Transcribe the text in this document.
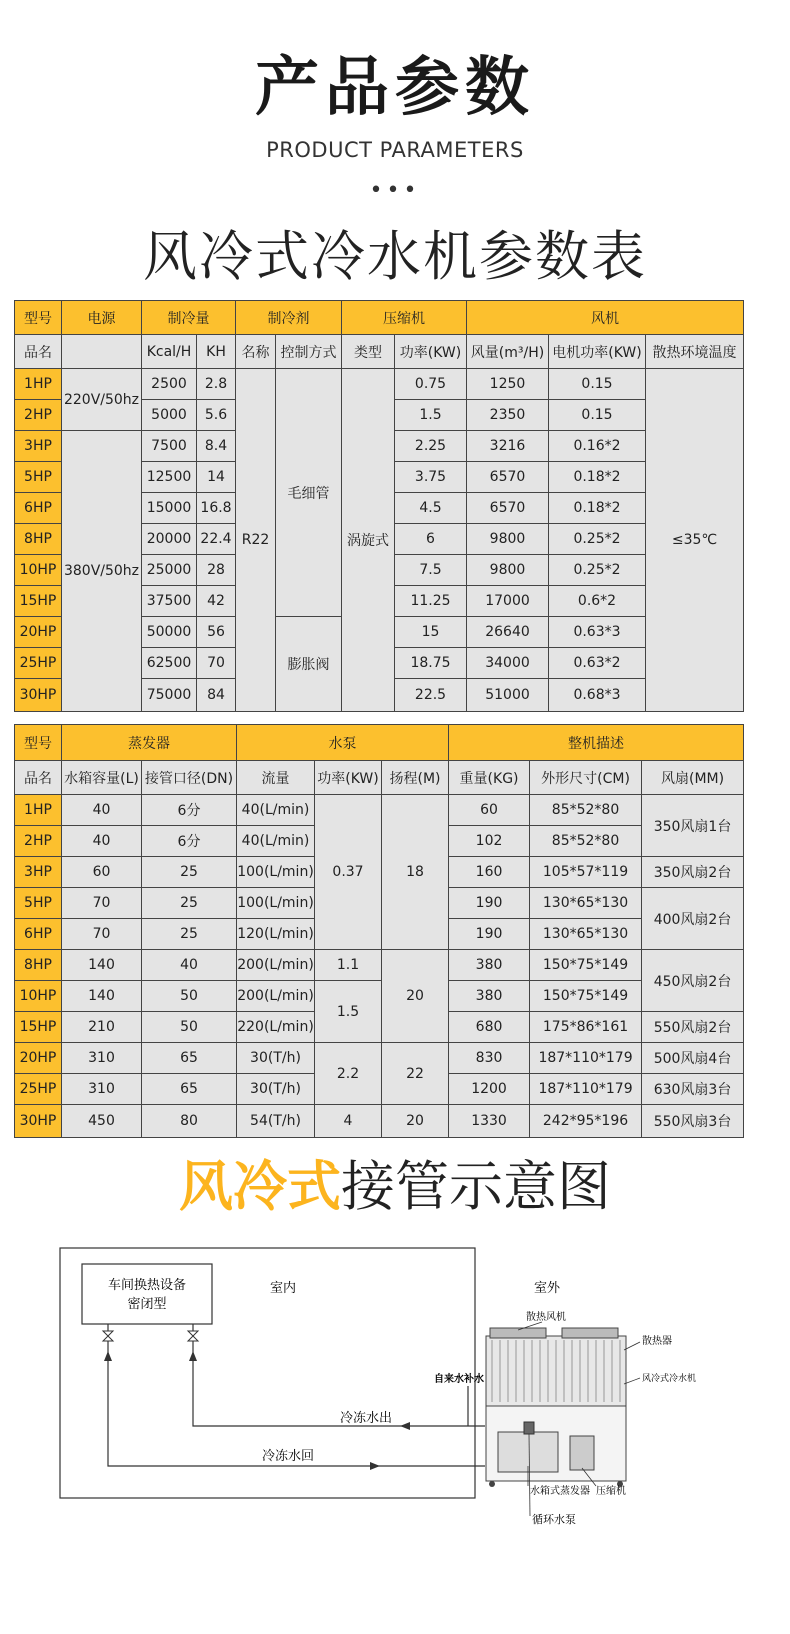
产品参数
PRODUCT PARAMETERS
•••
风冷式冷水机参数表
型号	电源	制冷量		制冷剂		压缩机		风机		
品名		Kcal/H	KH	名称	控制方式	类型	功率(KW)	风量(m³/H)	电机功率(KW)	散热环境温度
1HP	220V/50hz	2500	2.8	R22	毛细管	涡旋式	0.75	1250	0.15	≤35℃
2HP		5000	5.6				1.5	2350	0.15	
3HP	380V/50hz	7500	8.4				2.25	3216	0.16*2	
5HP		12500	14				3.75	6570	0.18*2	
6HP		15000	16.8				4.5	6570	0.18*2	
8HP		20000	22.4				6	9800	0.25*2	
10HP		25000	28				7.5	9800	0.25*2	
15HP		37500	42				11.25	17000	0.6*2	
20HP		50000	56		膨胀阀		15	26640	0.63*3	
25HP		62500	70				18.75	34000	0.63*2	
30HP		75000	84				22.5	51000	0.68*3	
型号	蒸发器		水泵			整机描述		
品名	水箱容量(L)	接管口径(DN)	流量	功率(KW)	扬程(M)	重量(KG)	外形尺寸(CM)	风扇(MM)
1HP	40	6分	40(L/min)	0.37	18	60	85*52*80	350风扇1台
2HP	40	6分	40(L/min)			102	85*52*80	
3HP	60	25	100(L/min)			160	105*57*119	350风扇2台
5HP	70	25	100(L/min)			190	130*65*130	400风扇2台
6HP	70	25	120(L/min)			190	130*65*130	
8HP	140	40	200(L/min)	1.1	20	380	150*75*149	450风扇2台
10HP	140	50	200(L/min)	1.5		380	150*75*149	
15HP	210	50	220(L/min)			680	175*86*161	550风扇2台
20HP	310	65	30(T/h)	2.2	22	830	187*110*179	500风扇4台
25HP	310	65	30(T/h)			1200	187*110*179	630风扇3台
30HP	450	80	54(T/h)	4	20	1330	242*95*196	550风扇3台
风冷式接管示意图
车间换热设备
密闭型
室内	室外
冷冻水出
冷冻水回
自来水补水
散热风机
散热器
风冷式冷水机
水箱式蒸发器 压缩机
循环水泵
